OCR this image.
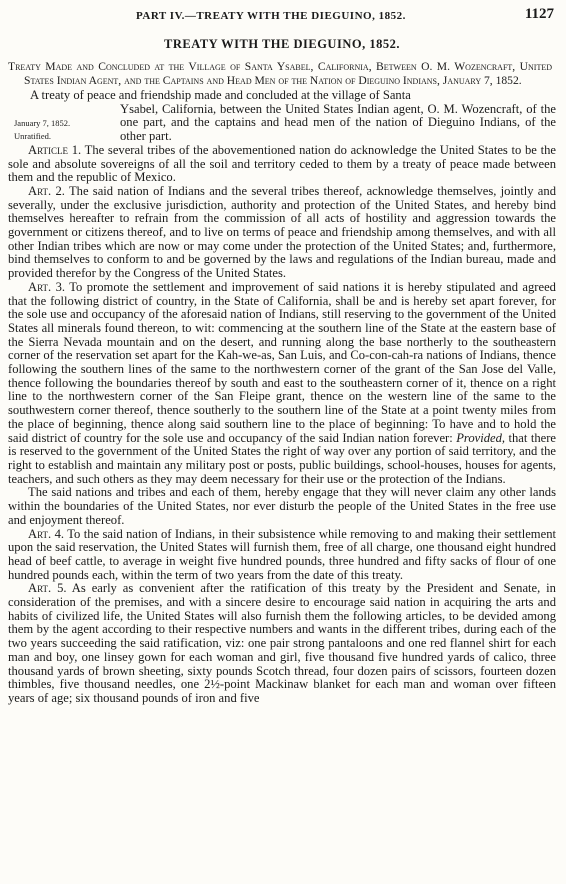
PART IV.—TREATY WITH THE DIEGUINO, 1852.	1127
TREATY WITH THE DIEGUINO, 1852.

Treaty Made and Concluded at the Village of Santa Ysabel, California, Between O. M. Wozencraft, United States Indian Agent, and the Captains and Head Men of the Nation of Dieguino Indians, January 7, 1852.

January 7, 1852.
Unratified.
A treaty of peace and friendship made and concluded at the village of Santa
Ysabel, California, between the United States Indian agent, O. M. Wozencraft, of the one part, and the captains and head men of the nation of Dieguino Indians, of the other part.

Article 1. The several tribes of the abovementioned nation do acknowledge the United States to be the sole and absolute sovereigns of all the soil and territory ceded to them by a treaty of peace made between them and the republic of Mexico.

Art. 2. The said nation of Indians and the several tribes thereof, acknowledge themselves, jointly and severally, under the exclusive jurisdiction, authority and protection of the United States, and hereby bind themselves hereafter to refrain from the commission of all acts of hostility and aggression towards the government or citizens thereof, and to live on terms of peace and friendship among themselves, and with all other Indian tribes which are now or may come under the protection of the United States; and, furthermore, bind themselves to conform to and be governed by the laws and regulations of the Indian bureau, made and provided therefor by the Congress of the United States.

Art. 3. To promote the settlement and improvement of said nations it is hereby stipulated and agreed that the following district of country, in the State of California, shall be and is hereby set apart forever, for the sole use and occupancy of the aforesaid nation of Indians, still reserving to the government of the United States all minerals found thereon, to wit: commencing at the southern line of the State at the eastern base of the Sierra Nevada mountain and on the desert, and running along the base northerly to the southeastern corner of the reservation set apart for the Kah-we-as, San Luis, and Co-con-cah-ra nations of Indians, thence following the southern lines of the same to the northwestern corner of the grant of the San Jose del Valle, thence following the boundaries thereof by south and east to the southeastern corner of it, thence on a right line to the northwestern corner of the San Fleipe grant, thence on the western line of the same to the southwestern corner thereof, thence southerly to the southern line of the State at a point twenty miles from the place of beginning, thence along said southern line to the place of beginning: To have and to hold the said district of country for the sole use and occupancy of the said Indian nation forever: Provided, that there is reserved to the government of the United States the right of way over any portion of said territory, and the right to establish and maintain any military post or posts, public buildings, school-houses, houses for agents, teachers, and such others as they may deem necessary for their use or the protection of the Indians.

The said nations and tribes and each of them, hereby engage that they will never claim any other lands within the boundaries of the United States, nor ever disturb the people of the United States in the free use and enjoyment thereof.

Art. 4. To the said nation of Indians, in their subsistence while removing to and making their settlement upon the said reservation, the United States will furnish them, free of all charge, one thousand eight hundred head of beef cattle, to average in weight five hundred pounds, three hundred and fifty sacks of flour of one hundred pounds each, within the term of two years from the date of this treaty.

Art. 5. As early as convenient after the ratification of this treaty by the President and Senate, in consideration of the premises, and with a sincere desire to encourage said nation in acquiring the arts and habits of civilized life, the United States will also furnish them the following articles, to be devided among them by the agent according to their respective numbers and wants in the different tribes, during each of the two years succeeding the said ratification, viz: one pair strong pantaloons and one red flannel shirt for each man and boy, one linsey gown for each woman and girl, five thousand five hundred yards of calico, three thousand yards of brown sheeting, sixty pounds Scotch thread, four dozen pairs of scissors, fourteen dozen thimbles, five thousand needles, one 2½-point Mackinaw blanket for each man and woman over fifteen years of age; six thousand pounds of iron and five
